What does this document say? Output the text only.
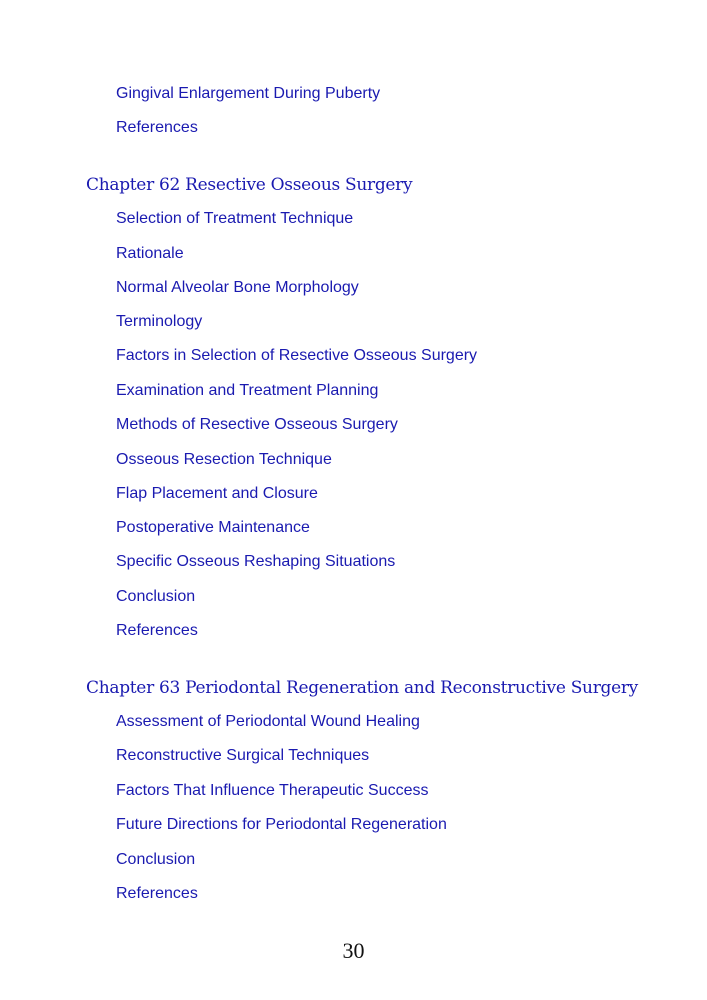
Gingival Enlargement During Puberty
References
Chapter 62 Resective Osseous Surgery
Selection of Treatment Technique
Rationale
Normal Alveolar Bone Morphology
Terminology
Factors in Selection of Resective Osseous Surgery
Examination and Treatment Planning
Methods of Resective Osseous Surgery
Osseous Resection Technique
Flap Placement and Closure
Postoperative Maintenance
Specific Osseous Reshaping Situations
Conclusion
References
Chapter 63 Periodontal Regeneration and Reconstructive Surgery
Assessment of Periodontal Wound Healing
Reconstructive Surgical Techniques
Factors That Influence Therapeutic Success
Future Directions for Periodontal Regeneration
Conclusion
References
30
